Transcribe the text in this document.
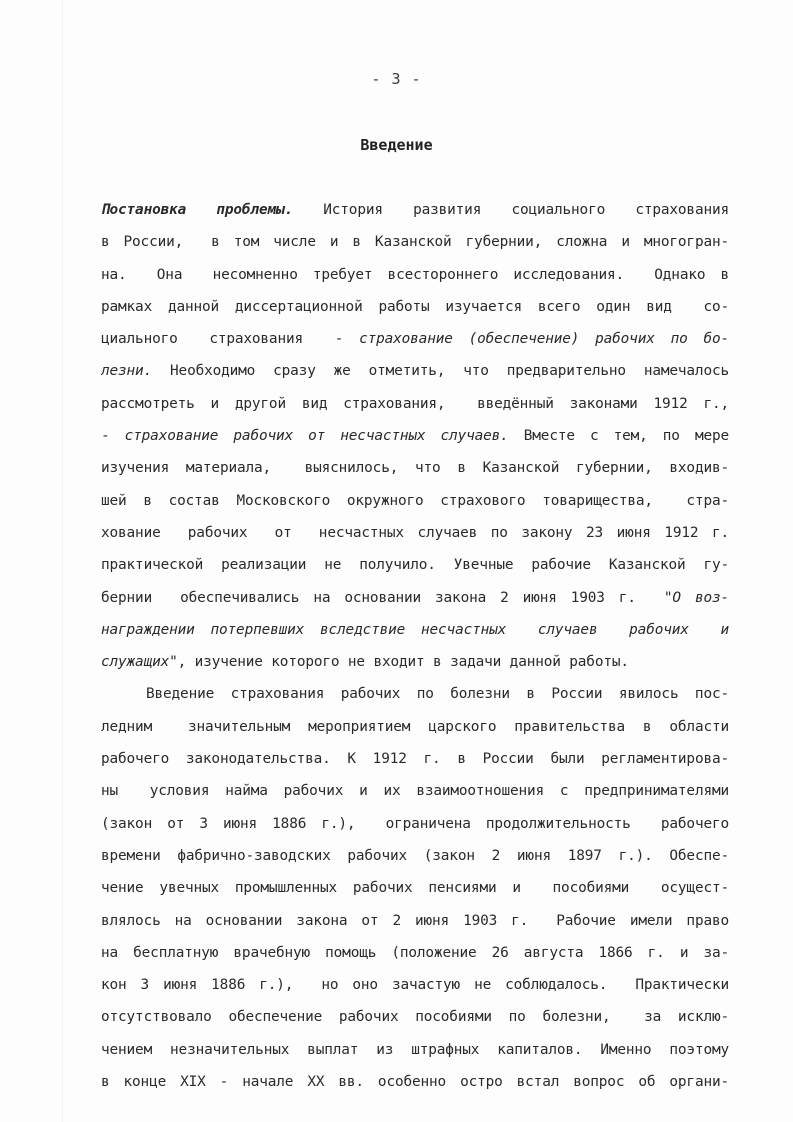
- 3 -
Введение
Постановка проблемы. История развития социального страхования
в России,  в том числе и в Казанской губернии, сложна и многогран-
на.  Она  несомненно требует всестороннего исследования.  Однако в
рамках данной диссертационной работы изучается всего один вид  со-
циального  страхования  - страхование (обеспечение) рабочих по бо-
лезни. Необходимо сразу же отметить, что предварительно намечалось
рассмотреть и другой вид страхования,  введённый законами 1912 г.,
- страхование рабочих от несчастных случаев. Вместе с тем, по мере
изучения материала,  выяснилось, что в Казанской губернии, входив-
шей в состав Московского окружного страхового товарищества,  стра-
хование  рабочих  от  несчастных случаев по закону 23 июня 1912 г.
практической реализации не получило. Увечные рабочие Казанской гу-
бернии  обеспечивались на основании закона 2 июня 1903 г.  "О воз-
награждении потерпевших вследствие несчастных  случаев  рабочих  и
служащих", изучение которого не входит в задачи данной работы.
Введение страхования рабочих по болезни в России явилось пос-
ледним  значительным мероприятием царского правительства в области
рабочего законодательства. К 1912 г. в России были регламентирова-
ны  условия найма рабочих и их взаимоотношения с предпринимателями
(закон от 3 июня 1886 г.),  ограничена продолжительность  рабочего
времени фабрично-заводских рабочих (закон 2 июня 1897 г.). Обеспе-
чение увечных промышленных рабочих пенсиями и  пособиями  осущест-
влялось на основании закона от 2 июня 1903 г.  Рабочие имели право
на бесплатную врачебную помощь (положение 26 августа 1866 г. и за-
кон 3 июня 1886 г.),  но оно зачастую не соблюдалось.  Практически
отсутствовало обеспечение рабочих пособиями по болезни,  за исклю-
чением незначительных выплат из штрафных капиталов. Именно поэтому
в конце XIX - начале XX вв. особенно остро встал вопрос об органи-
